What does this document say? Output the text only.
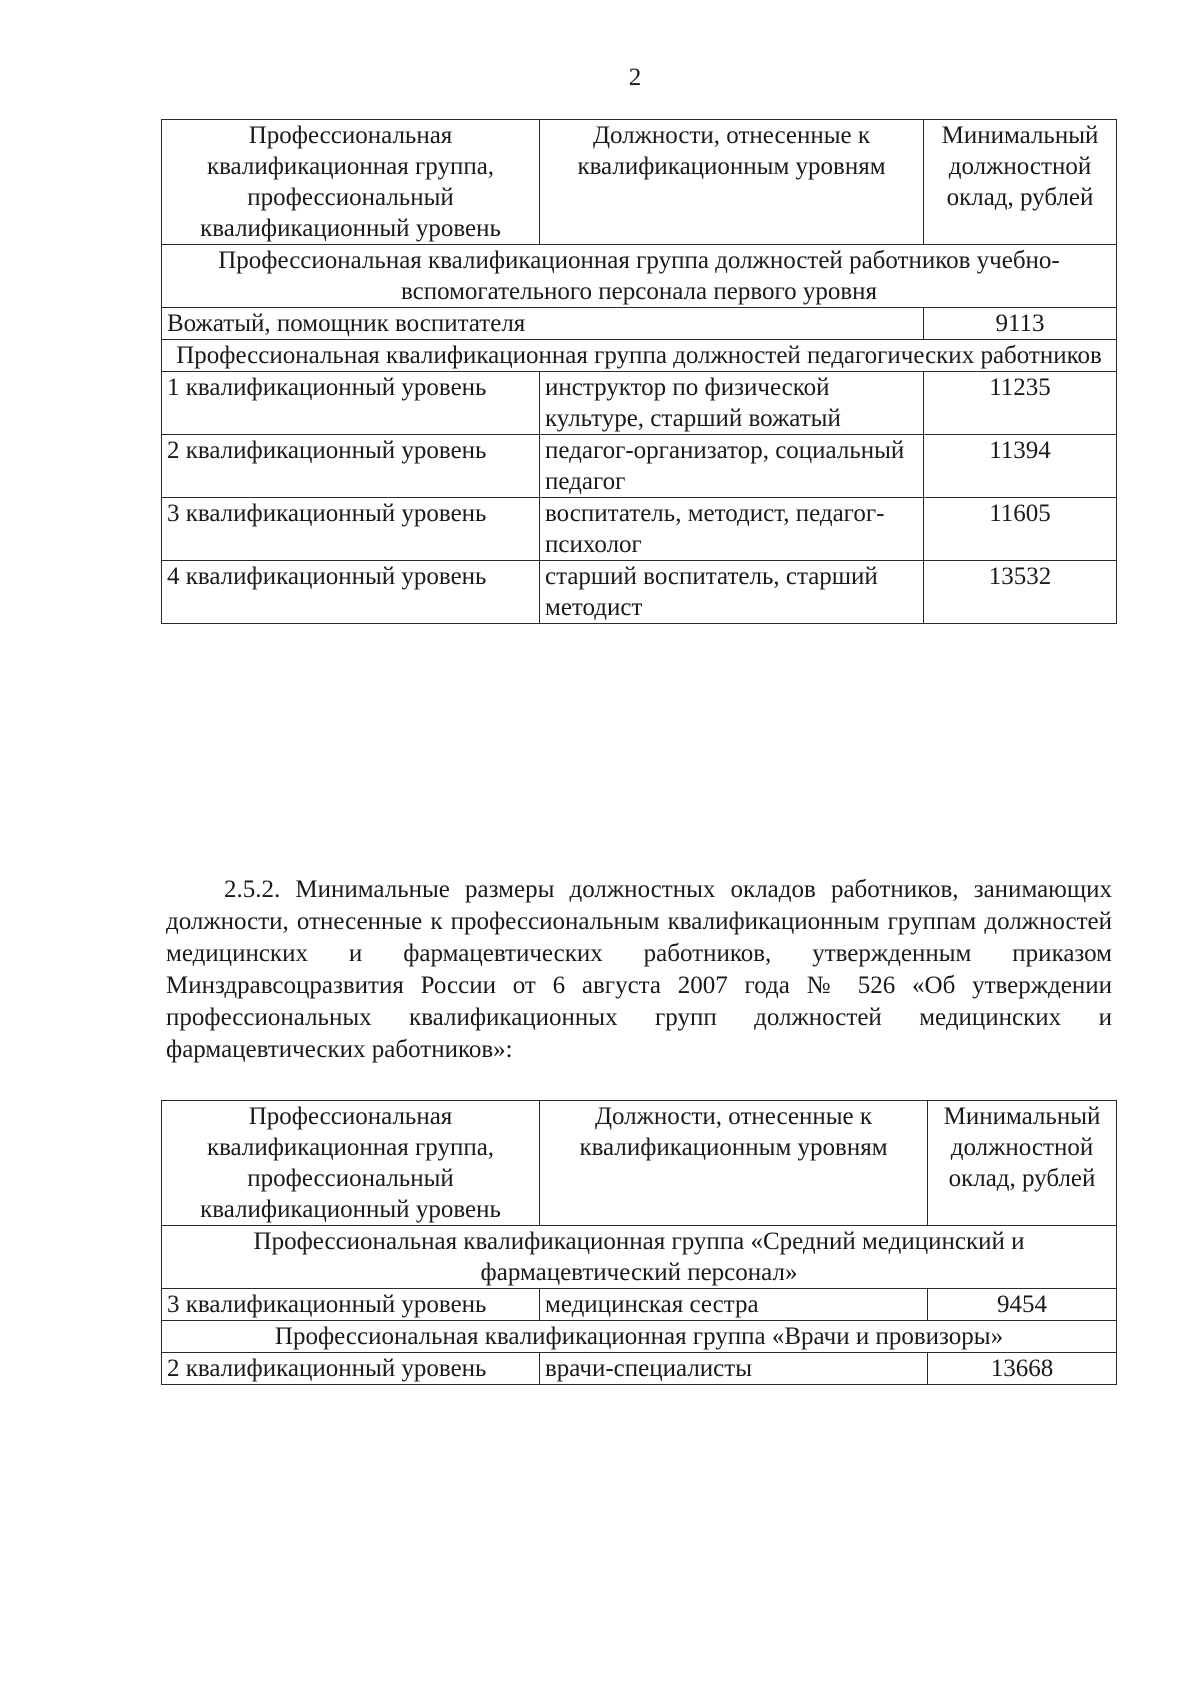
2
Профессиональная квалификационная группа, профессиональный квалификационный уровень	Должности, отнесенные к квалификационным уровням	Минимальный должностной оклад, рублей
Профессиональная квалификационная группа должностей работников учебно-вспомогательного персонала первого уровня		
Вожатый, помощник воспитателя		9113
Профессиональная квалификационная группа должностей педагогических работников		
1 квалификационный уровень	инструктор по физической культуре, старший вожатый	11235
2 квалификационный уровень	педагог-организатор, социальный педагог	11394
3 квалификационный уровень	воспитатель, методист, педагог-психолог	11605
4 квалификационный уровень	старший воспитатель, старший методист	13532

2.5.2. Минимальные размеры должностных окладов работников, занимающих должности, отнесенные к профессиональным квалификационным группам должностей медицинских и фармацевтических работников, утвержденным приказом Минздравсоцразвития России от 6 августа 2007 года № 526 «Об утверждении профессиональных квалификационных групп должностей медицинских и фармацевтических работников»:

Профессиональная квалификационная группа, профессиональный квалификационный уровень	Должности, отнесенные к квалификационным уровням	Минимальный должностной оклад, рублей
Профессиональная квалификационная группа «Средний медицинский и фармацевтический персонал»		
3 квалификационный уровень	медицинская сестра	9454
Профессиональная квалификационная группа «Врачи и провизоры»		
2 квалификационный уровень	врачи-специалисты	13668
